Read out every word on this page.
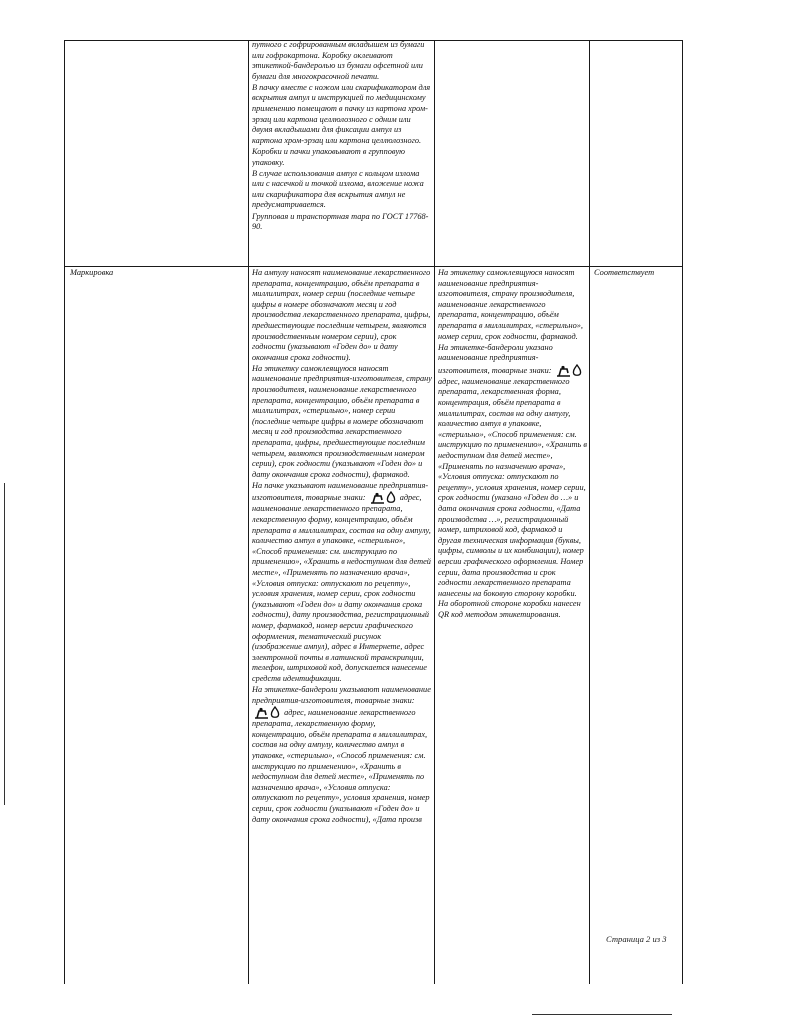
путного с гофрированным вкладышем из бумаги или гофрокартона. Коробку оклеивают этикеткой-бандеролью из бумаги офсетной или бумаги для многокрасочной печати.

В пачку вместе с ножом или скарификатором для вскрытия ампул и инструкцией по медицинскому применению помещают в пачку из картона хром-эрзац или картона целлюлозного с одним или двумя вкладышами для фиксации ампул из картона хром-эрзац или картона целлюлозного.

Коробки и пачки упаковывают в групповую упаковку.

В случае использования ампул с кольцом излома или с насечкой и точкой излома, вложение ножа или скарификатора для вскрытия ампул не предусматривается.

Групповая и транспортная тара по ГОСТ 17768-90.

Маркировка	На ампулу наносят наименование лекарственного препарата, концентрацию, объём препарата в миллилитрах, номер серии (последние четыре цифры в номере обозначают месяц и год производства лекарственного препарата, цифры, предшествующие последним четырем, являются производственным номером серии), срок годности (указывают «Годен до» и дату окончания срока годности).

На этикетку самоклеящуюся наносят наименование предприятия-изготовителя, страну производителя, наименование лекарственного препарата, концентрацию, объём препарата в миллилитрах, «стерильно», номер серии (последние четыре цифры в номере обозначают месяц и год производства лекарственного препарата, цифры, предшествующие последним четырем, являются производственным номером серии), срок годности (указывают «Годен до» и дату окончания срока годности), фармакод.

На пачке указывают наименование предприятия-изготовителя, товарные знаки:	адрес, наименование лекарственного препарата, лекарственную форму, концентрацию, объём препарата в миллилитрах, состав на одну ампулу, количество ампул в упаковке, «стерильно», «Способ применения: см. инструкцию по применению», «Хранить в недоступном для детей месте», «Применять по назначению врача», «Условия отпуска: отпускают по рецепту», условия хранения, номер серии, срок годности (указывают «Годен до» и дату окончания срока годности), дату производства, регистрационный номер, фармакод, номер версии графического оформления, тематический рисунок (изображение ампул), адрес в Интернете, адрес электронной почты в латинской транскрипции, телефон, штриховой код, допускается нанесение средств идентификации.

На этикетке-бандероли указывают наименование предприятия-изготовителя, товарные знаки:
адрес, наименование лекарственного препарата, лекарственную форму, концентрацию, объём препарата в миллилитрах, состав на одну ампулу, количество ампул в упаковке, «стерильно», «Способ применения: см. инструкцию по применению», «Хранить в недоступном для детей месте», «Применять по назначению врача», «Условия отпуска: отпускают по рецепту», условия хранения, номер серии, срок годности (указывают «Годен до» и дату окончания срока годности), «Дата произв

На этикетку самоклеящуюся наносят наименование предприятия-изготовителя, страну производителя, наименование лекарственного препарата, концентрацию, объём препарата в миллилитрах, «стерильно», номер серии, срок годности, фармакод.

На этикетке-бандероли указано наименование предприятия-изготовителя, товарные знаки:
адрес, наименование лекарственного препарата, лекарственная форма, концентрация, объём препарата в миллилитрах, состав на одну ампулу, количество ампул в упаковке, «стерильно», «Способ применения: см. инструкцию по применению», «Хранить в недоступном для детей месте», «Применять по назначению врача», «Условия отпуска: отпускают по рецепту», условия хранения, номер серии, срок годности (указано «Годен до …» и дата окончания срока годности, «Дата производства …», регистрационный номер, штриховой код, фармакод и другая техническая информация (буквы, цифры, символы и их комбинации), номер версии графического оформления. Номер серии, дата производства и срок годности лекарственного препарата нанесены на боковую сторону коробки. На оборотной стороне коробки нанесен QR код методом этикетирования.

Соответствует
Страница 2 из 3
